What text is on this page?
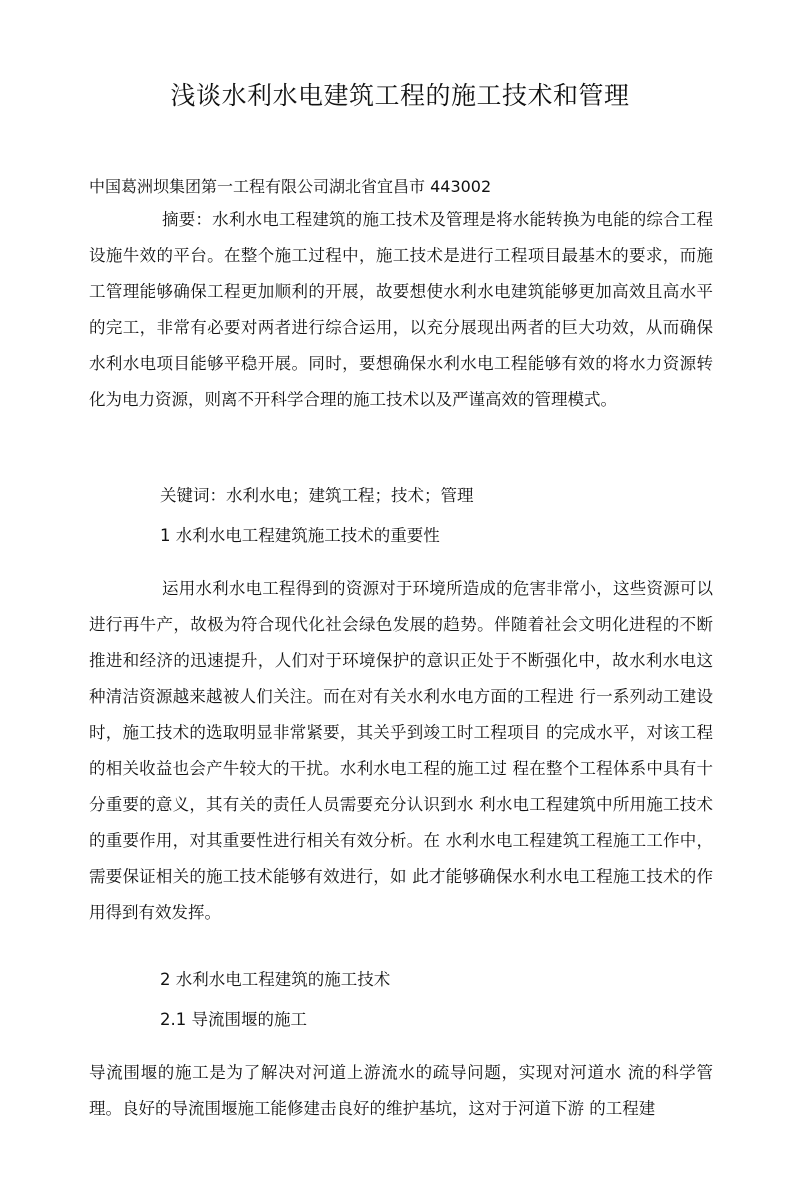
浅谈水利水电建筑工程的施工技术和管理

中国葛洲坝集团第一工程有限公司湖北省宜昌市 443002

摘要：水利水电工程建筑的施工技术及管理是将水能转换为电能的综合工程设施牛效的平台。在整个施工过程中，施工技术是进行工程项目最基木的要求，而施工管理能够确保工程更加顺利的开展，故要想使水利水电建筑能够更加高效且高水平的完工，非常有必要对两者进行综合运用，以充分展现出两者的巨大功效，从而确保水利水电项目能够平稳开展。同时，要想确保水利水电工程能够有效的将水力资源转化为电力资源，则离不开科学合理的施工技术以及严谨高效的管理模式。

关键词：水利水电；建筑工程；技术；管理

1 水利水电工程建筑施工技术的重要性

运用水利水电工程得到的资源对于环境所造成的危害非常小，这些资源可以进行再牛产，故极为符合现代化社会绿色发展的趋势。伴随着社会文明化进程的不断推进和经济的迅速提升，人们对于环境保护的意识正处于不断强化中，故水利水电这种清洁资源越来越被人们关注。而在对有关水利水电方面的工程进 行一系列动工建设时，施工技术的选取明显非常紧要，其关乎到竣工时工程项目 的完成水平，对该工程的相关收益也会产牛较大的干扰。水利水电工程的施工过 程在整个工程体系中具有十分重要的意义，其有关的责任人员需要充分认识到水 利水电工程建筑中所用施工技术的重要作用，对其重要性进行相关有效分析。在 水利水电工程建筑工程施工工作中，需要保证相关的施工技术能够有效进行，如 此才能够确保水利水电工程施工技术的作用得到有效发挥。

2 水利水电工程建筑的施工技术

2.1 导流围堰的施工

导流围堰的施工是为了解决对河道上游流水的疏导问题，实现对河道水 流的科学管理。良好的导流围堰施工能修建击良好的维护基坑，这对于河道下游 的工程建
